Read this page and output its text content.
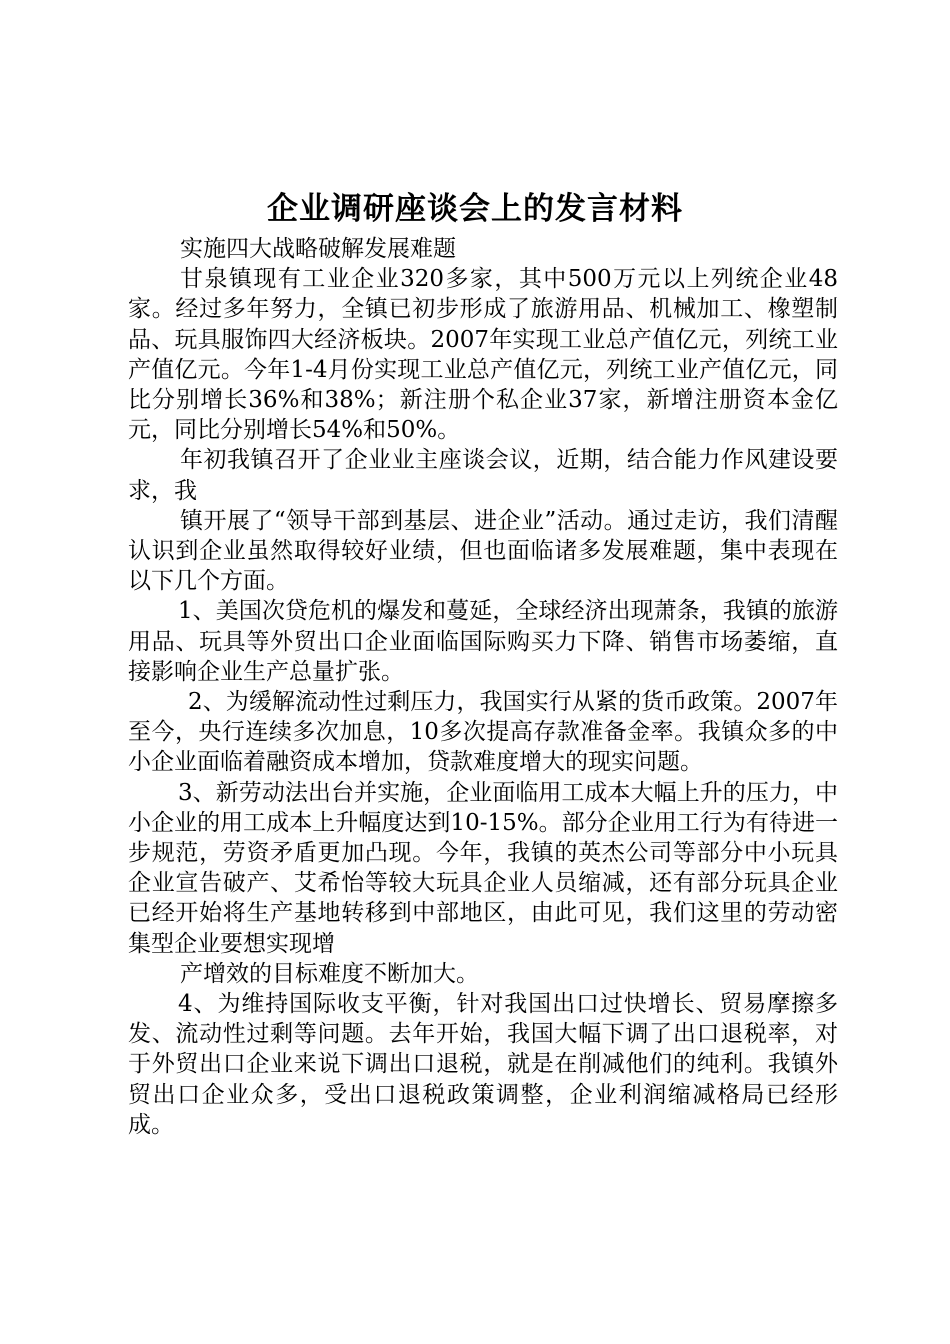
企业调研座谈会上的发言材料

实施四大战略破解发展难题

甘泉镇现有工业企业320多家，其中500万元以上列统企业48家。经过多年努力，全镇已初步形成了旅游用品、机械加工、橡塑制品、玩具服饰四大经济板块。2007年实现工业总产值亿元，列统工业产值亿元。今年1-4月份实现工业总产值亿元，列统工业产值亿元，同比分别增长36%和38%；新注册个私企业37家，新增注册资本金亿元，同比分别增长54%和50%。

年初我镇召开了企业业主座谈会议，近期，结合能力作风建设要求，我

镇开展了“领导干部到基层、进企业”活动。通过走访，我们清醒认识到企业虽然取得较好业绩，但也面临诸多发展难题，集中表现在以下几个方面。

1、美国次贷危机的爆发和蔓延，全球经济出现萧条，我镇的旅游用品、玩具等外贸出口企业面临国际购买力下降、销售市场萎缩，直接影响企业生产总量扩张。

2、为缓解流动性过剩压力，我国实行从紧的货币政策。2007年至今，央行连续多次加息，10多次提高存款准备金率。我镇众多的中小企业面临着融资成本增加，贷款难度增大的现实问题。

3、新劳动法出台并实施，企业面临用工成本大幅上升的压力，中小企业的用工成本上升幅度达到10-15%。部分企业用工行为有待进一步规范，劳资矛盾更加凸现。今年，我镇的英杰公司等部分中小玩具企业宣告破产、艾希怡等较大玩具企业人员缩减，还有部分玩具企业已经开始将生产基地转移到中部地区，由此可见，我们这里的劳动密集型企业要想实现增

产增效的目标难度不断加大。

4、为维持国际收支平衡，针对我国出口过快增长、贸易摩擦多发、流动性过剩等问题。去年开始，我国大幅下调了出口退税率，对于外贸出口企业来说下调出口退税，就是在削减他们的纯利。我镇外贸出口企业众多，受出口退税政策调整，企业利润缩减格局已经形成。
